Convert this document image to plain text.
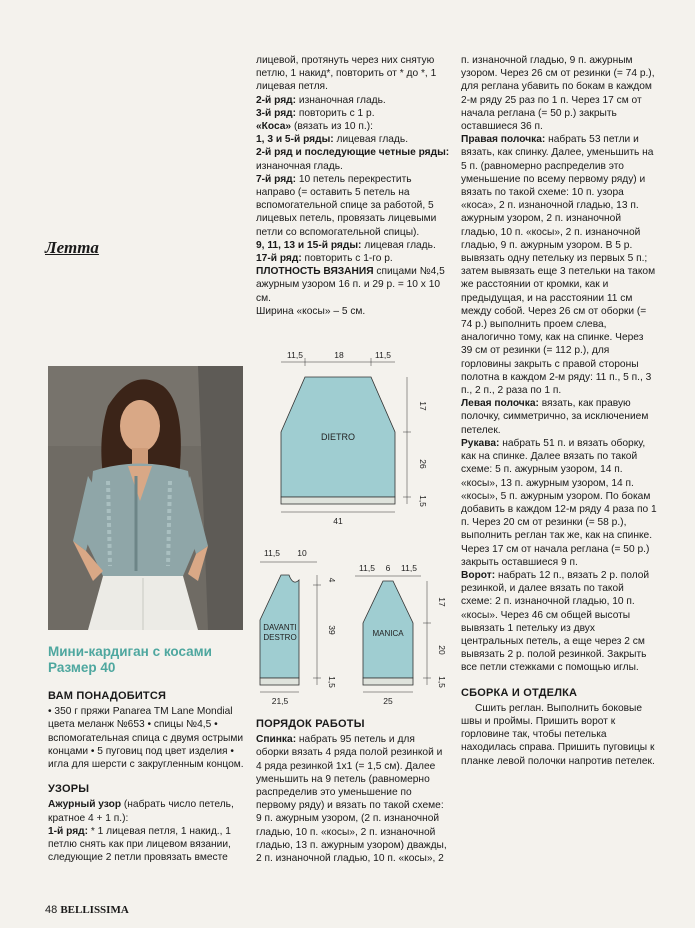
Летта
Мини-кардиган с косами
Размер 40

ВАМ ПОНАДОБИТСЯ

• 350 г пряжи Panarea TM Lane Mondial цвета меланж №653 • спицы №4,5 • вспомогательная спица с двумя острыми концами • 5 пуговиц под цвет изделия • игла для шерсти с закругленным концом.

УЗОРЫ

Ажурный узор (набрать число петель, кратное 4 + 1 п.):

1-й ряд: * 1 лицевая петля, 1 накид., 1 петлю снять как при лицевом вязании, следующие 2 петли провязать вместе

лицевой, протянуть через них снятую петлю, 1 накид*, повторить от * до *, 1 лицевая петля.

2-й ряд: изнаночная гладь.

3-й ряд: повторить с 1 р.

«Коса» (вязать из 10 п.):

1, 3 и 5-й ряды: лицевая гладь.

2-й ряд и последующие четные ряды: изнаночная гладь.

7-й ряд: 10 петель перекрестить направо (= оставить 5 петель на вспомогательной спице за работой, 5 лицевых петель, провязать лицевыми петли со вспомогательной спицы).

9, 11, 13 и 15-й ряды: лицевая гладь.

17-й ряд: повторить с 1-го р.

ПЛОТНОСТЬ ВЯЗАНИЯ спицами №4,5 ажурным узором 16 п. и 29 р. = 10 х 10 см.

Ширина «косы» – 5 см.

DIETRO
11,5	18	11,5
17
26
1,5
41
DAVANTI
DESTRO
11,5 10
4
39
1,5
21,5
MANICA
11,5 6 11,5
17
20
1,5
25

ПОРЯДОК РАБОТЫ

Спинка: набрать 95 петель и для оборки вязать 4 ряда полой резинкой и 4 ряда резинкой 1х1 (= 1,5 см). Далее уменьшить на 9 петель (равномерно распределив это уменьшение по первому ряду) и вязать по такой схеме: 9 п. ажурным узором, (2 п. изнаночной гладью, 10 п. «косы», 2 п. изнаночной гладью, 13 п. ажурным узором) дважды, 2 п. изнаночной гладью, 10 п. «косы», 2

п. изнаночной гладью, 9 п. ажурным узором. Через 26 см от резинки (= 74 р.), для реглана убавить по бокам в каждом 2-м ряду 25 раз по 1 п. Через 17 см от начала реглана (= 50 р.) закрыть оставшиеся 36 п.

Правая полочка: набрать 53 петли и вязать, как спинку. Далее, уменьшить на 5 п. (равномерно распределив это уменьшение по всему первому ряду) и вязать по такой схеме: 10 п. узора «коса», 2 п. изнаночной гладью, 13 п. ажурным узором, 2 п. изнаночной гладью, 10 п. «косы», 2 п. изнаночной гладью, 9 п. ажурным узором. В 5 р. вывязать одну петельку из первых 5 п.; затем вывязать еще 3 петельки на таком же расстоянии от кромки, как и предыдущая, и на расстоянии 11 см между собой. Через 26 см от оборки (= 74 р.) выполнить проем слева, аналогично тому, как на спинке. Через 39 см от резинки (= 112 р.), для горловины закрыть с правой стороны полотна в каждом 2-м ряду: 11 п., 5 п., 3 п., 2 п., 2 раза по 1 п.

Левая полочка: вязать, как правую полочку, симметрично, за исключением петелек.

Рукава: набрать 51 п. и вязать оборку, как на спинке. Далее вязать по такой схеме: 5 п. ажурным узором, 14 п. «косы», 13 п. ажурным узором, 14 п. «косы», 5 п. ажурным узором. По бокам добавить в каждом 12-м ряду 4 раза по 1 п. Через 20 см от резинки (= 58 р.), выполнить реглан так же, как на спинке. Через 17 см от начала реглана (= 50 р.) закрыть оставшиеся 9 п.

Ворот: набрать 12 п., вязать 2 р. полой резинкой, и далее вязать по такой схеме: 2 п. изнаночной гладью, 10 п. «косы». Через 46 см общей высоты вывязать 1 петельку из двух центральных петель, а еще через 2 см вывязать 2 р. полой резинкой. Закрыть все петли стежками с помощью иглы.

СБОРКА И ОТДЕЛКА

Сшить реглан. Выполнить боковые швы и проймы. Пришить ворот к горловине так, чтобы петелька находилась справа. Пришить пуговицы к планке левой полочки напротив петелек.

48 BELLISSIMA
